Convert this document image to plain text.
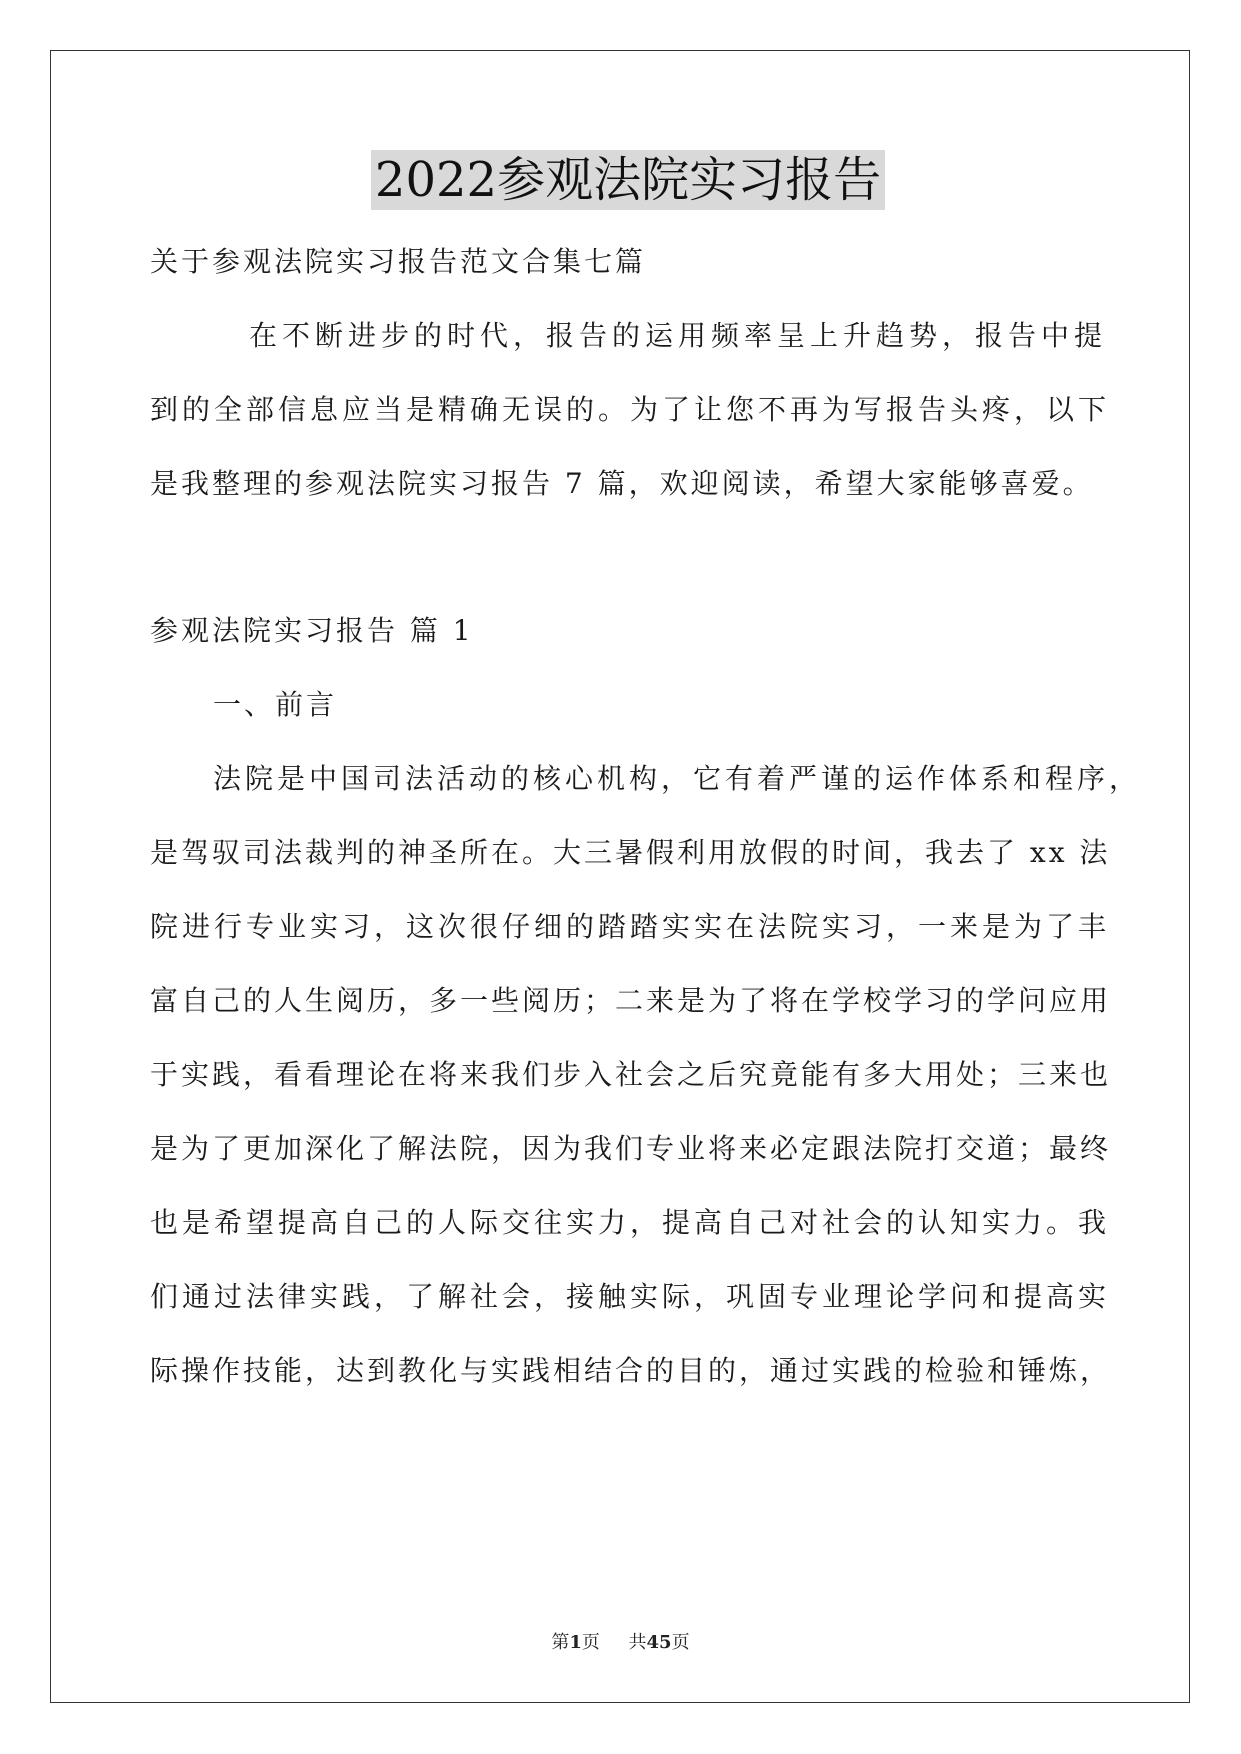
2022参观法院实习报告
关于参观法院实习报告范文合集七篇
在不断进步的时代，报告的运用频率呈上升趋势，报告中提
到的全部信息应当是精确无误的。为了让您不再为写报告头疼，以下
是我整理的参观法院实习报告 7 篇，欢迎阅读，希望大家能够喜爱。
参观法院实习报告 篇 1
一、前言
法院是中国司法活动的核心机构，它有着严谨的运作体系和程序，
是驾驭司法裁判的神圣所在。大三暑假利用放假的时间，我去了 xx 法
院进行专业实习，这次很仔细的踏踏实实在法院实习，一来是为了丰
富自己的人生阅历，多一些阅历；二来是为了将在学校学习的学问应用
于实践，看看理论在将来我们步入社会之后究竟能有多大用处；三来也
是为了更加深化了解法院，因为我们专业将来必定跟法院打交道；最终
也是希望提高自己的人际交往实力，提高自己对社会的认知实力。我
们通过法律实践，了解社会，接触实际，巩固专业理论学问和提高实
际操作技能，达到教化与实践相结合的目的，通过实践的检验和锤炼，
第1页 共45页
